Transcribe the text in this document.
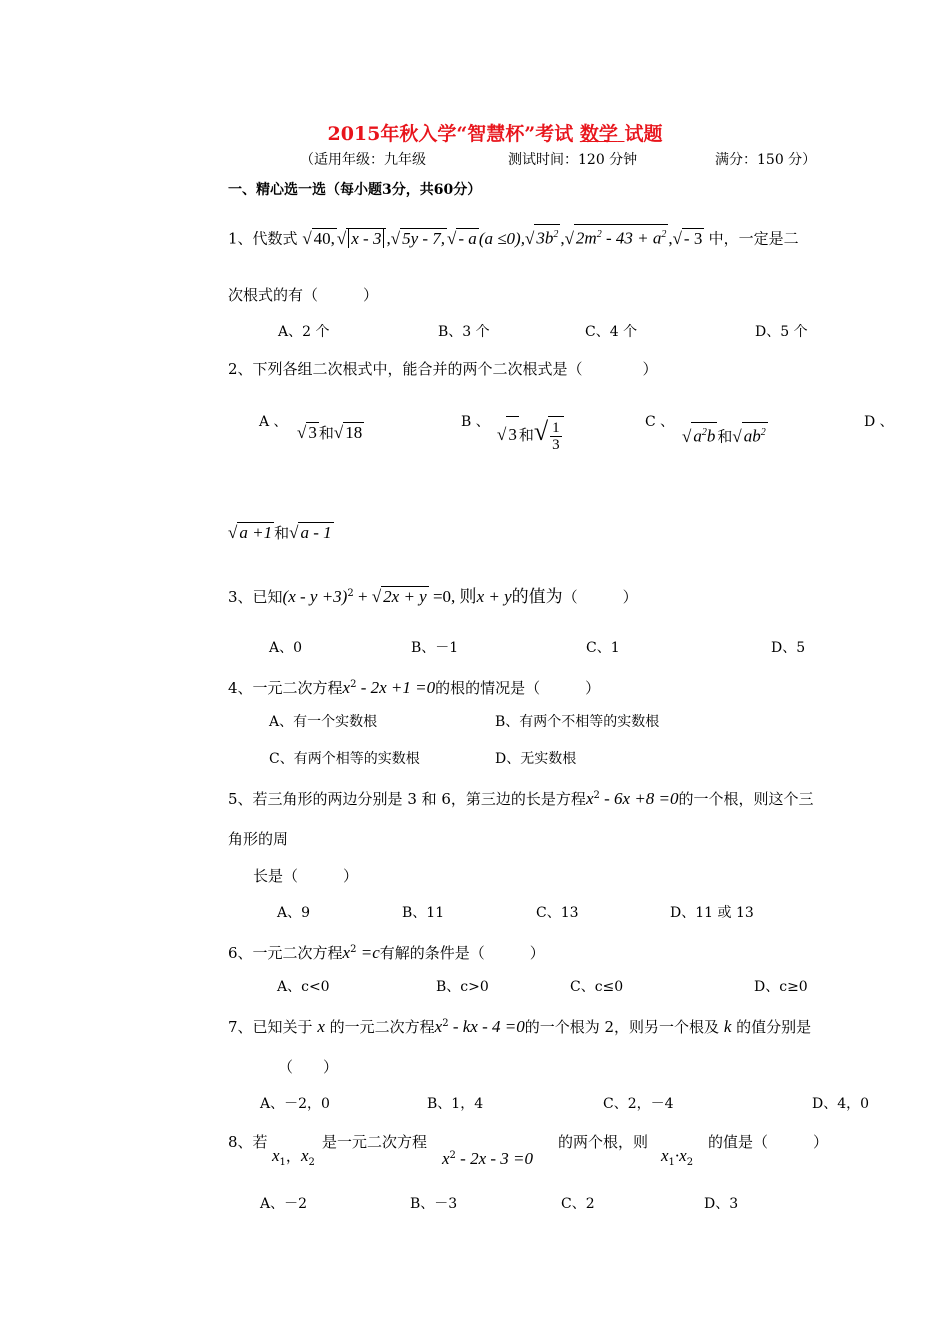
2015年秋入学“智慧杯”考试 数学 试题
（适用年级：九年级	测试时间：120 分钟	满分：150 分）
一、精心选一选（每小题3分，共60分）
1、代数式 √ 40, √ x - 3 , √ 5y - 7, √ - a (a ≤0), √ $3b^2$ , √ $2m^2 - 43 + a^2$ , √ - 3 中，一定是二
次根式的有（　　　）
A、2 个	B、3 个	C、4 个	D、5 个
2、下列各组二次根式中，能合并的两个二次根式是（　　　　）
A 、
√ 3 和 √ 18
B 、
√ 3 和 √ $\frac{1}{3}$	C 、
√ $a^2b$ 和 √ $ab^2$
D 、
√ a +1 和 √ a - 1
3、已知$(x - y +3)^2$ + √ 2x + y =0, 则x + y的值为（　　　）
A、0	B、－1	C、1	D、5
4、一元二次方程$x^2 - 2x +1 =0$的根的情况是（　　　）
A、有一个实数根	B、有两个不相等的实数根
C、有两个相等的实数根	D、无实数根
5、若三角形的两边分别是 3 和 6，第三边的长是方程$x^2 - 6x +8 =0$的一个根，则这个三
角形的周
长是（　　　）
A、9	B、11	C、13	D、11 或 13
6、一元二次方程$x^2 =c$有解的条件是（　　　）
A、c<0	B、c>0	C、c≤0	D、c≥0
7、已知关于 x 的一元二次方程$x^2$ - kx - 4 =0的一个根为 2，则另一个根及 k 的值分别是
（　　）
A、－2，0	B、1，4	C、2，－4	D、4，0
8、若
$x_1$，$x_2$
是一元二次方程
$x^2 - 2x - 3 =0$
的两个根，则
$x_1\cdot x_2$
的值是（　　　）
A、－2	B、－3	C、2	D、3
